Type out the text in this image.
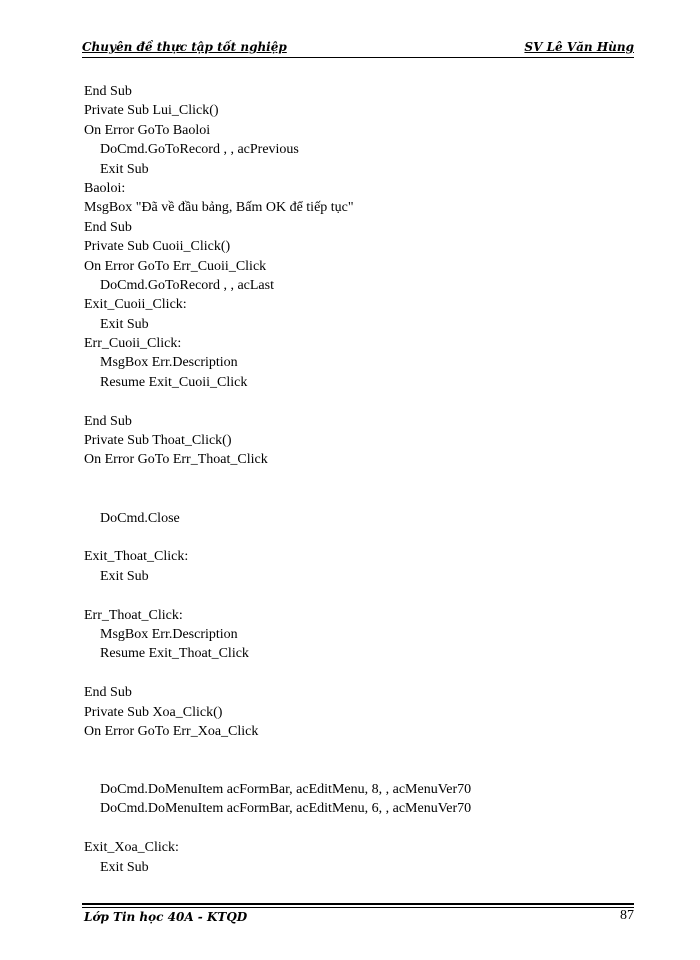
Chuyên đề thực tập tốt nghiệp	SV Lê Văn Hùng
End Sub
Private Sub Lui_Click()
On Error GoTo Baoloi
DoCmd.GoToRecord , , acPrevious
Exit Sub
Baoloi:
MsgBox "Đã về đầu bảng, Bấm OK để tiếp tục"
End Sub
Private Sub Cuoii_Click()
On Error GoTo Err_Cuoii_Click
DoCmd.GoToRecord , , acLast
Exit_Cuoii_Click:
Exit Sub
Err_Cuoii_Click:
MsgBox Err.Description
Resume Exit_Cuoii_Click
End Sub
Private Sub Thoat_Click()
On Error GoTo Err_Thoat_Click
DoCmd.Close
Exit_Thoat_Click:
Exit Sub
Err_Thoat_Click:
MsgBox Err.Description
Resume Exit_Thoat_Click
End Sub
Private Sub Xoa_Click()
On Error GoTo Err_Xoa_Click
DoCmd.DoMenuItem acFormBar, acEditMenu, 8, , acMenuVer70
DoCmd.DoMenuItem acFormBar, acEditMenu, 6, , acMenuVer70
Exit_Xoa_Click:
Exit Sub
Lớp Tin học 40A - KTQD	87
